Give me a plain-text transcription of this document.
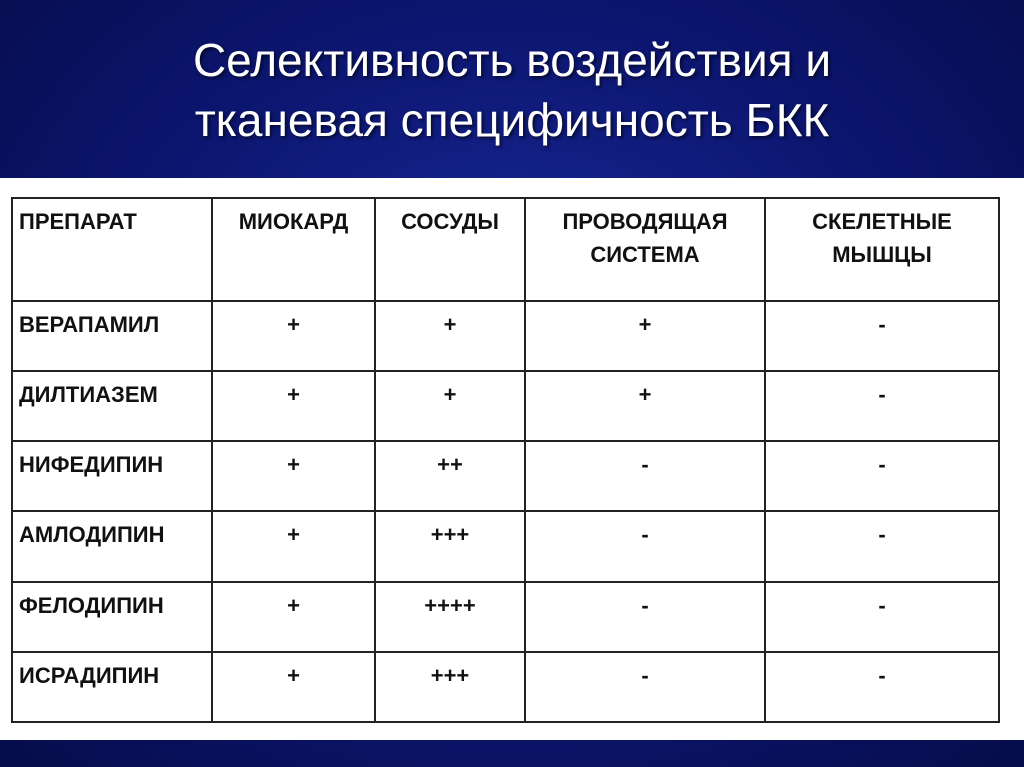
Селективность воздействия и
тканевая специфичность БКК
ПРЕПАРАТ	МИОКАРД	СОСУДЫ	ПРОВОДЯЩАЯ СИСТЕМА	СКЕЛЕТНЫЕ МЫШЦЫ
ВЕРАПАМИЛ	+	+	+	-
ДИЛТИАЗЕМ	+	+	+	-
НИФЕДИПИН	+	++	-	-
АМЛОДИПИН	+	+++	-	-
ФЕЛОДИПИН	+	++++	-	-
ИСРАДИПИН	+	+++	-	-
